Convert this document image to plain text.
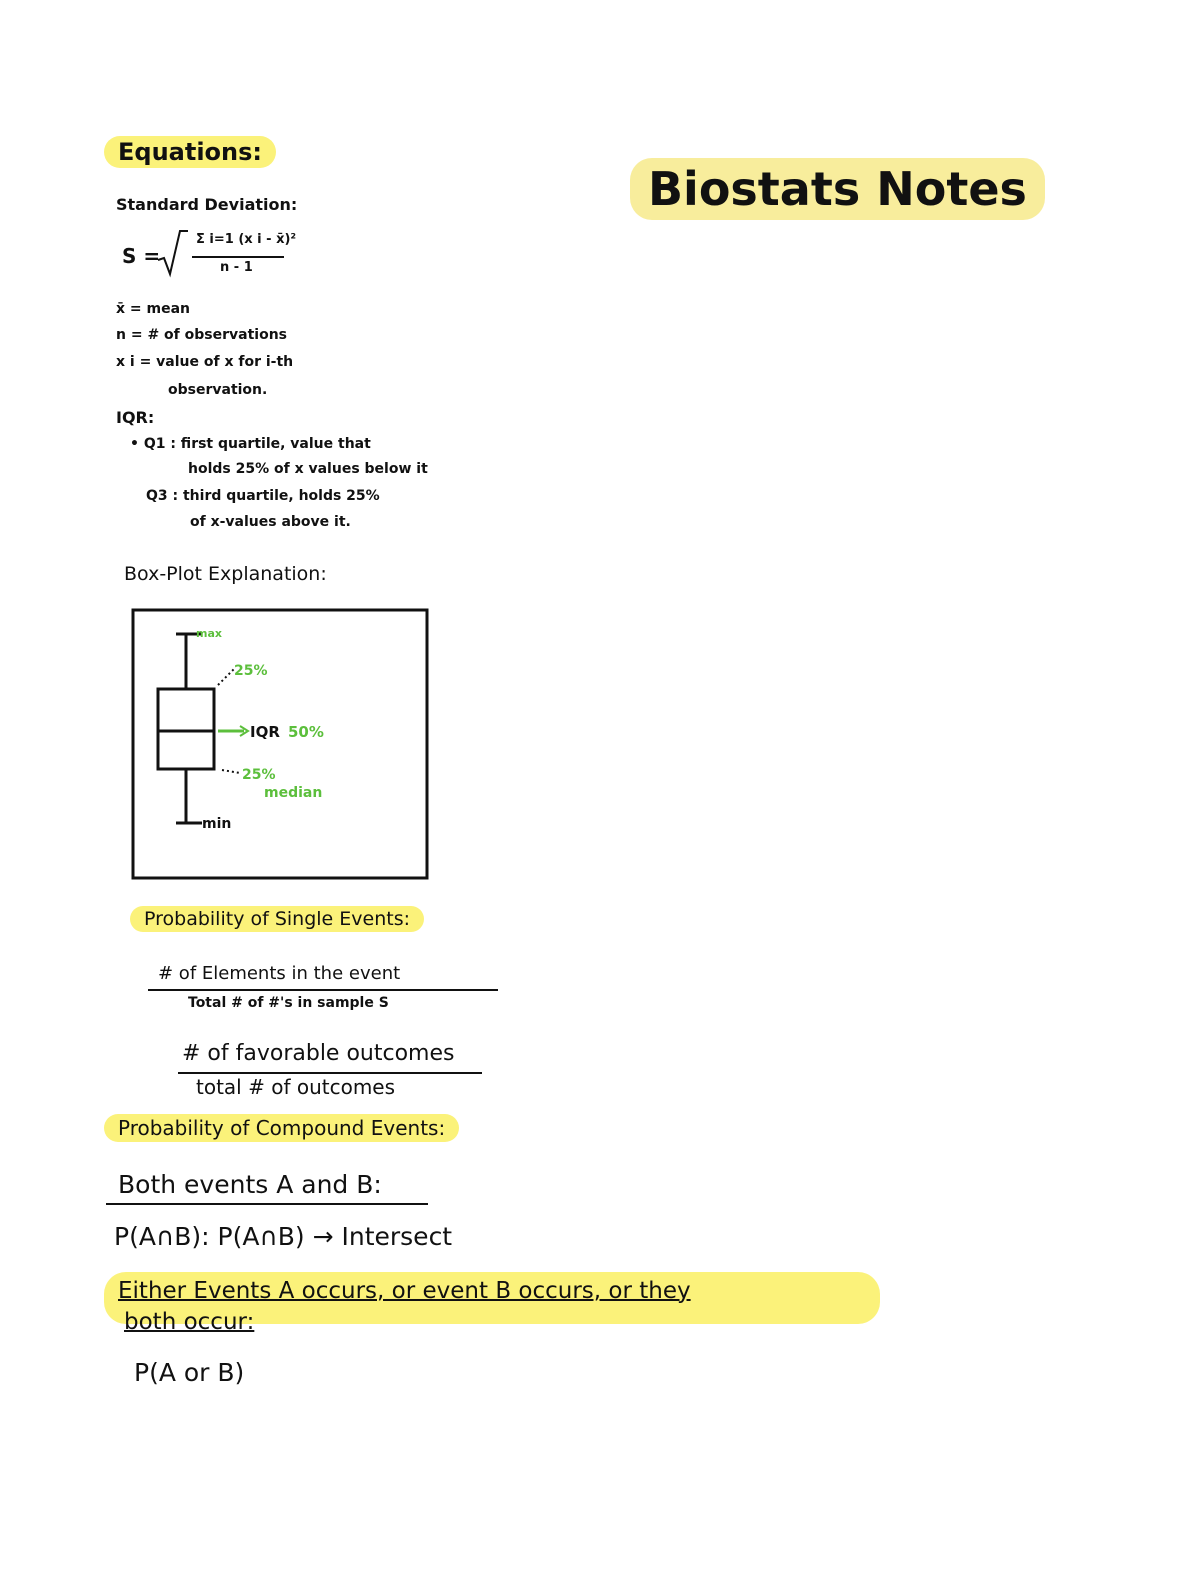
Biostats Notes
Equations:
Standard Deviation:
S =
Σ i=1 (x i - x̄)²
n - 1
x̄ = mean
n = # of observations
x i = value of x for i-th
observation.
IQR:
• Q1 : first quartile, value that
holds 25% of x values below it
Q3 : third quartile, holds 25%
of x-values above it.
Box-Plot Explanation:
max
25%
IQR 50%
25%
median
min
Probability of Single Events:
# of Elements in the event
Total # of #'s in sample S
# of favorable outcomes
total # of outcomes
Probability of Compound Events:
Both events A and B:
P(A∩B): P(A∩B) → Intersect
Either Events A occurs, or event B occurs, or they
both occur:
P(A or B)
